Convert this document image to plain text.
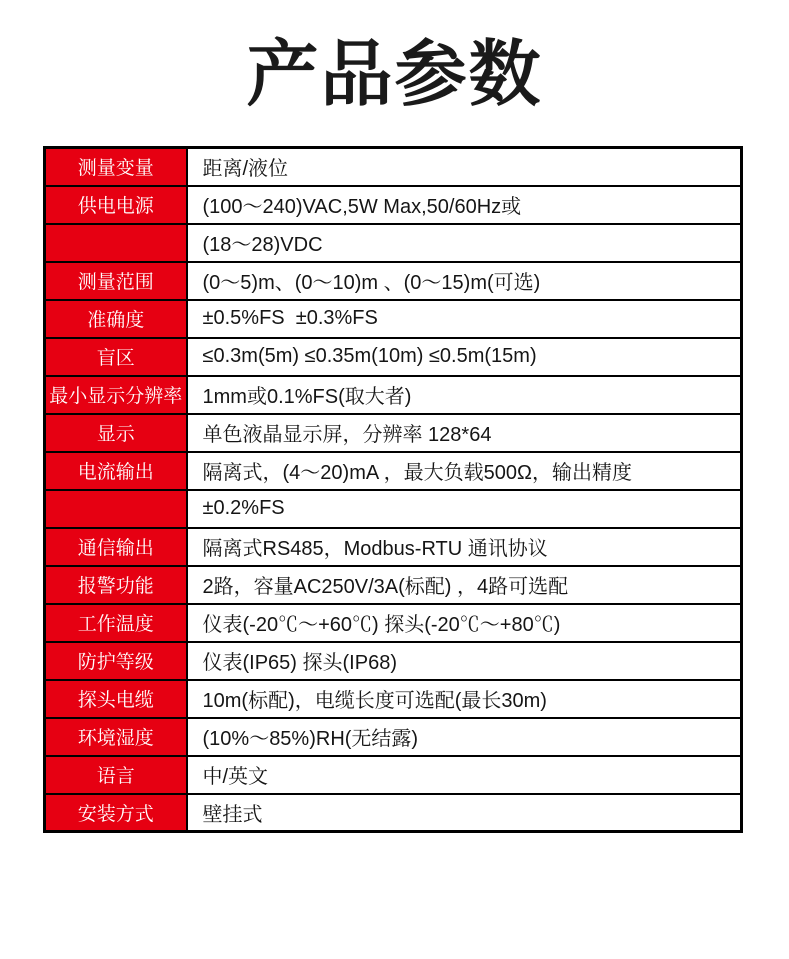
产品参数
测量变量	距离/液位
供电电源	(100～240)VAC,5W Max,50/60Hz或
	(18～28)VDC
测量范围	(0～5)m、(0～10)m 、(0～15)m(可选)
准确度	±0.5%FS  ±0.3%FS
盲区	≤0.3m(5m) ≤0.35m(10m) ≤0.5m(15m)
最小显示分辨率	1mm或0.1%FS(取大者)
显示	单色液晶显示屏，分辨率 128*64
电流输出	隔离式，(4～20)mA ，最大负载500Ω，输出精度
	±0.2%FS
通信输出	隔离式RS485，Modbus-RTU 通讯协议
报警功能	2路，容量AC250V/3A(标配) ，4路可选配
工作温度	仪表(-20℃～+60℃) 探头(-20℃～+80℃)
防护等级	仪表(IP65) 探头(IP68)
探头电缆	10m(标配)，电缆长度可选配(最长30m)
环境湿度	(10%～85%)RH(无结露)
语言	中/英文
安装方式	壁挂式
